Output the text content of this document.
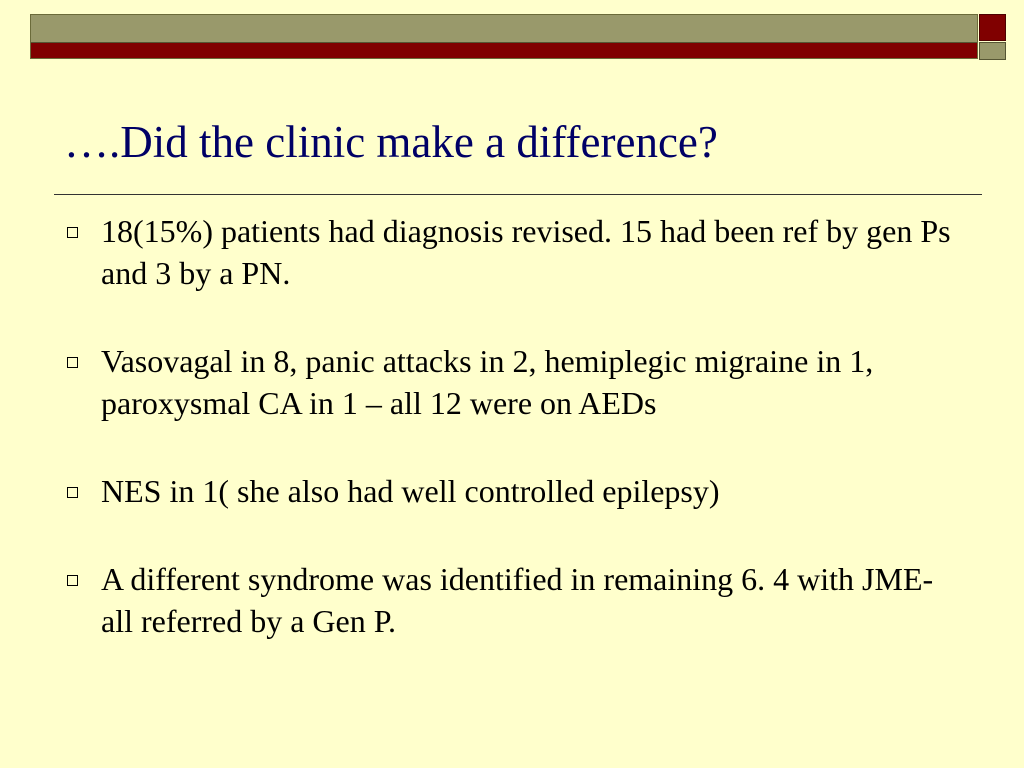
….Did the clinic make a difference?
18(15%) patients had diagnosis revised. 15 had been ref by gen Ps and 3 by a PN.
Vasovagal in 8, panic attacks in 2, hemiplegic migraine in 1, paroxysmal CA in 1 – all 12 were on AEDs
NES in 1( she also had well controlled epilepsy)
A different syndrome was identified in remaining 6. 4 with JME- all referred by a Gen P.
